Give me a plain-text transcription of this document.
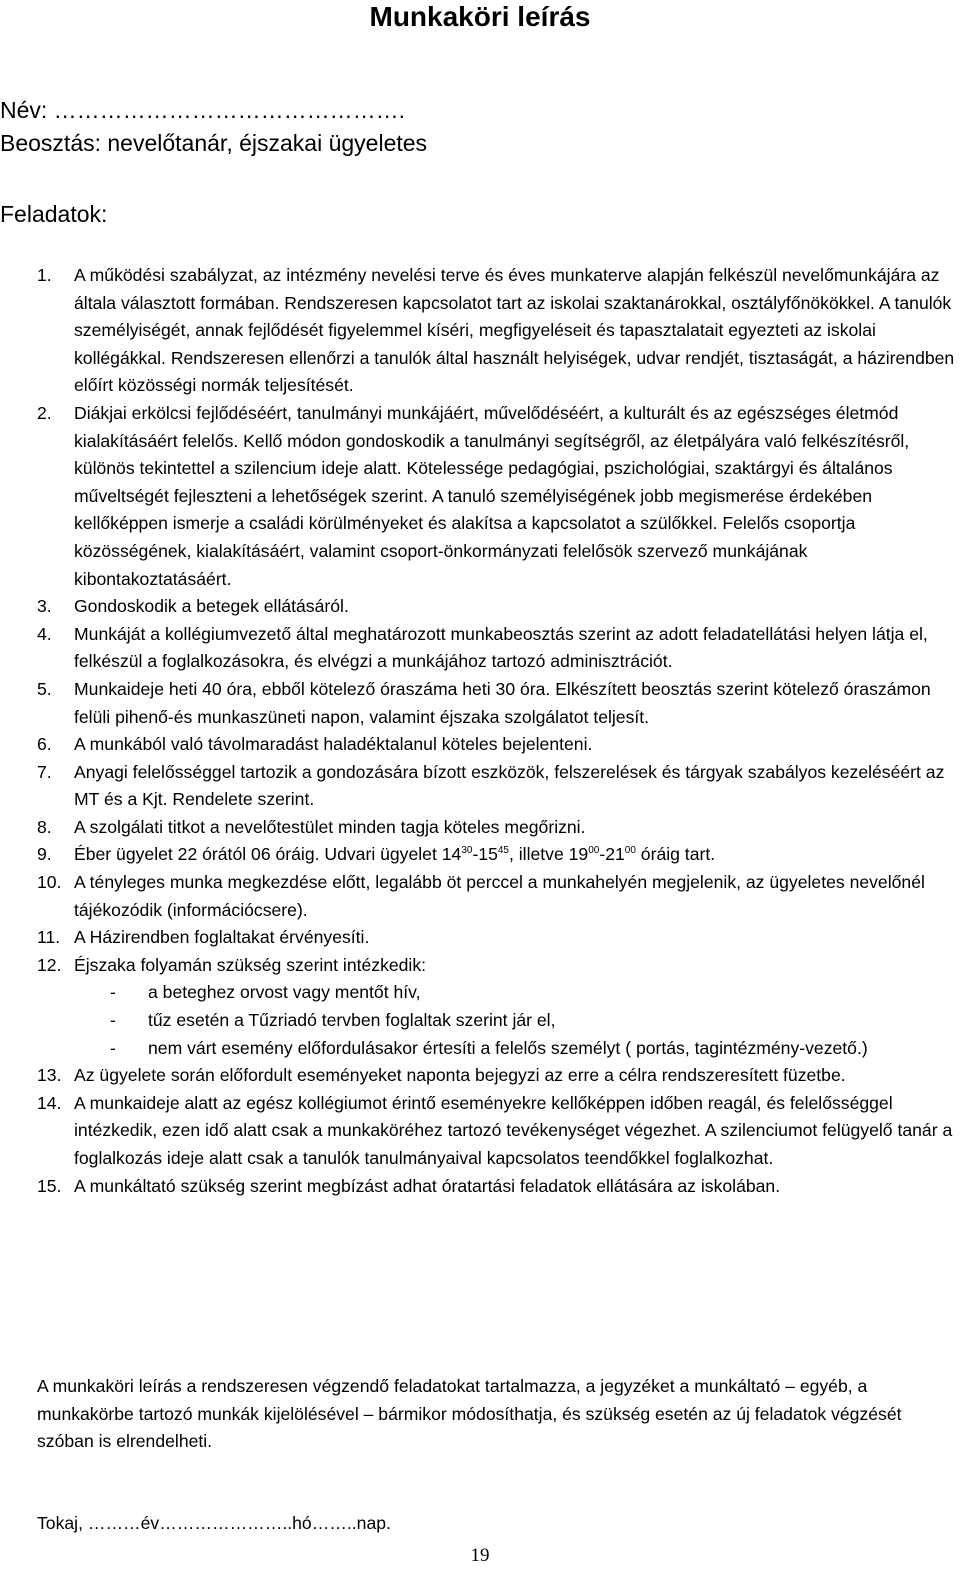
Munkaköri leírás
Név: ……………………………………….
Beosztás: nevelőtanár, éjszakai ügyeletes
Feladatok:
1. A működési szabályzat, az intézmény nevelési terve és éves munkaterve alapján felkészül nevelőmunkájára az általa választott formában. Rendszeresen kapcsolatot tart az iskolai szaktanárokkal, osztályfőnökökkel. A tanulók személyiségét, annak fejlődését figyelemmel kíséri, megfigyeléseit és tapasztalatait egyezteti az iskolai kollégákkal. Rendszeresen ellenőrzi a tanulók által használt helyiségek, udvar rendjét, tisztaságát, a házirendben előírt közösségi normák teljesítését.
2. Diákjai erkölcsi fejlődéséért, tanulmányi munkájáért, művelődéséért, a kulturált és az egészséges életmód kialakításáért felelős. Kellő módon gondoskodik a tanulmányi segítségről, az életpályára való felkészítésről, különös tekintettel a szilencium ideje alatt. Kötelessége pedagógiai, pszichológiai, szaktárgyi és általános műveltségét fejleszteni a lehetőségek szerint. A tanuló személyiségének jobb megismerése érdekében kellőképpen ismerje a családi körülményeket és alakítsa a kapcsolatot a szülőkkel. Felelős csoportja közösségének, kialakításáért, valamint csoport-önkormányzati felelősök szervező munkájának kibontakoztatásáért.
3. Gondoskodik a betegek ellátásáról.
4. Munkáját a kollégiumvezető által meghatározott munkabeosztás szerint az adott feladatellátási helyen látja el, felkészül a foglalkozásokra, és elvégzi a munkájához tartozó adminisztrációt.
5. Munkaideje heti 40 óra, ebből kötelező óraszáma heti 30 óra. Elkészített beosztás szerint kötelező óraszámon felüli pihenő-és munkaszüneti napon, valamint éjszaka szolgálatot teljesít.
6. A munkából való távolmaradást haladéktalanul köteles bejelenteni.
7. Anyagi felelősséggel tartozik a gondozására bízott eszközök, felszerelések és tárgyak szabályos kezeléséért az MT és a Kjt. Rendelete szerint.
8. A szolgálati titkot a nevelőtestület minden tagja köteles megőrizni.
9. Éber ügyelet 22 órától 06 óráig. Udvari ügyelet $14^{30}-15^{45}$, illetve $19^{00}-21^{00}$ óráig tart.
10. A tényleges munka megkezdése előtt, legalább öt perccel a munkahelyén megjelenik, az ügyeletes nevelőnél tájékozódik (információcsere).
11. A Házirendben foglaltakat érvényesíti.
12. Éjszaka folyamán szükség szerint intézkedik:
- a beteghez orvost vagy mentőt hív,
- tűz esetén a Tűzriadó tervben foglaltak szerint jár el,
- nem várt esemény előfordulásakor értesíti a felelős személyt ( portás, tagintézmény-vezető.)
13. Az ügyelete során előfordult eseményeket naponta bejegyzi az erre a célra rendszeresített füzetbe.
14. A munkaideje alatt az egész kollégiumot érintő eseményekre kellőképpen időben reagál, és felelősséggel intézkedik, ezen idő alatt csak a munkaköréhez tartozó tevékenységet végezhet. A szilenciumot felügyelő tanár a foglalkozás ideje alatt csak a tanulók tanulmányaival kapcsolatos teendőkkel foglalkozhat.
15. A munkáltató szükség szerint megbízást adhat óratartási feladatok ellátására az iskolában.
A munkaköri leírás a rendszeresen végzendő feladatokat tartalmazza, a jegyzéket a munkáltató – egyéb, a munkakörbe tartozó munkák kijelölésével – bármikor módosíthatja, és szükség esetén az új feladatok végzését szóban is elrendelheti.
Tokaj, ………év…………………..hó……..nap.
19
